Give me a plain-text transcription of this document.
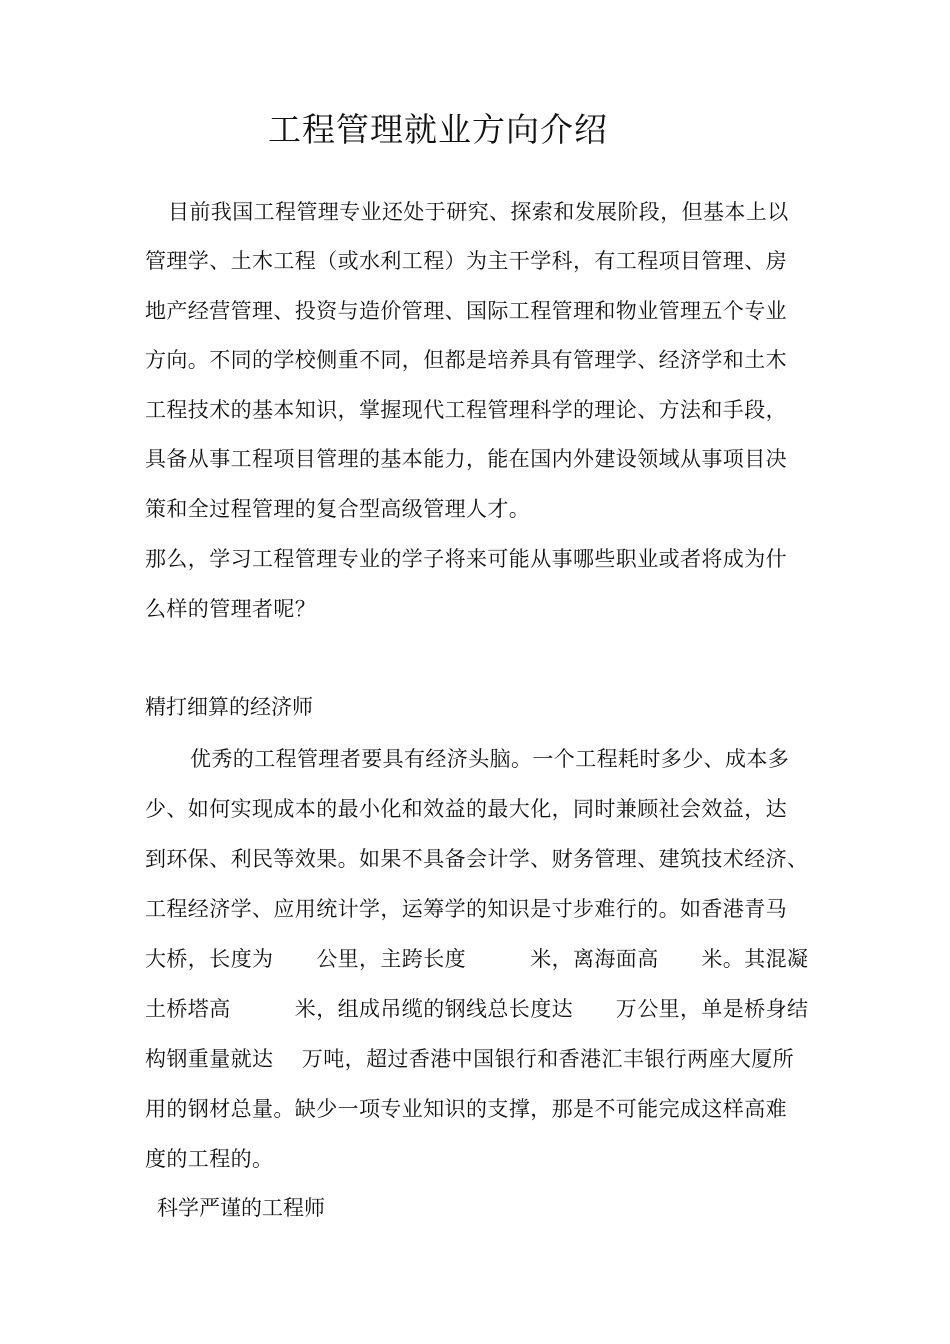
工程管理就业方向介绍
目前我国工程管理专业还处于研究、探索和发展阶段，但基本上以
管理学、土木工程（或水利工程）为主干学科，有工程项目管理、房
地产经营管理、投资与造价管理、国际工程管理和物业管理五个专业
方向。不同的学校侧重不同，但都是培养具有管理学、经济学和土木
工程技术的基本知识，掌握现代工程管理科学的理论、方法和手段，
具备从事工程项目管理的基本能力，能在国内外建设领域从事项目决
策和全过程管理的复合型高级管理人才。
那么，学习工程管理专业的学子将来可能从事哪些职业或者将成为什
么样的管理者呢？
精打细算的经济师
优秀的工程管理者要具有经济头脑。一个工程耗时多少、成本多
少、如何实现成本的最小化和效益的最大化，同时兼顾社会效益，达
到环保、利民等效果。如果不具备会计学、财务管理、建筑技术经济、
工程经济学、应用统计学，运筹学的知识是寸步难行的。如香港青马
大桥，长度为　　公里，主跨长度　　　米，离海面高　　米。其混凝
土桥塔高　　　米，组成吊缆的钢线总长度达　　万公里，单是桥身结
构钢重量就达　 万吨，超过香港中国银行和香港汇丰银行两座大厦所
用的钢材总量。缺少一项专业知识的支撑，那是不可能完成这样高难
度的工程的。
科学严谨的工程师
